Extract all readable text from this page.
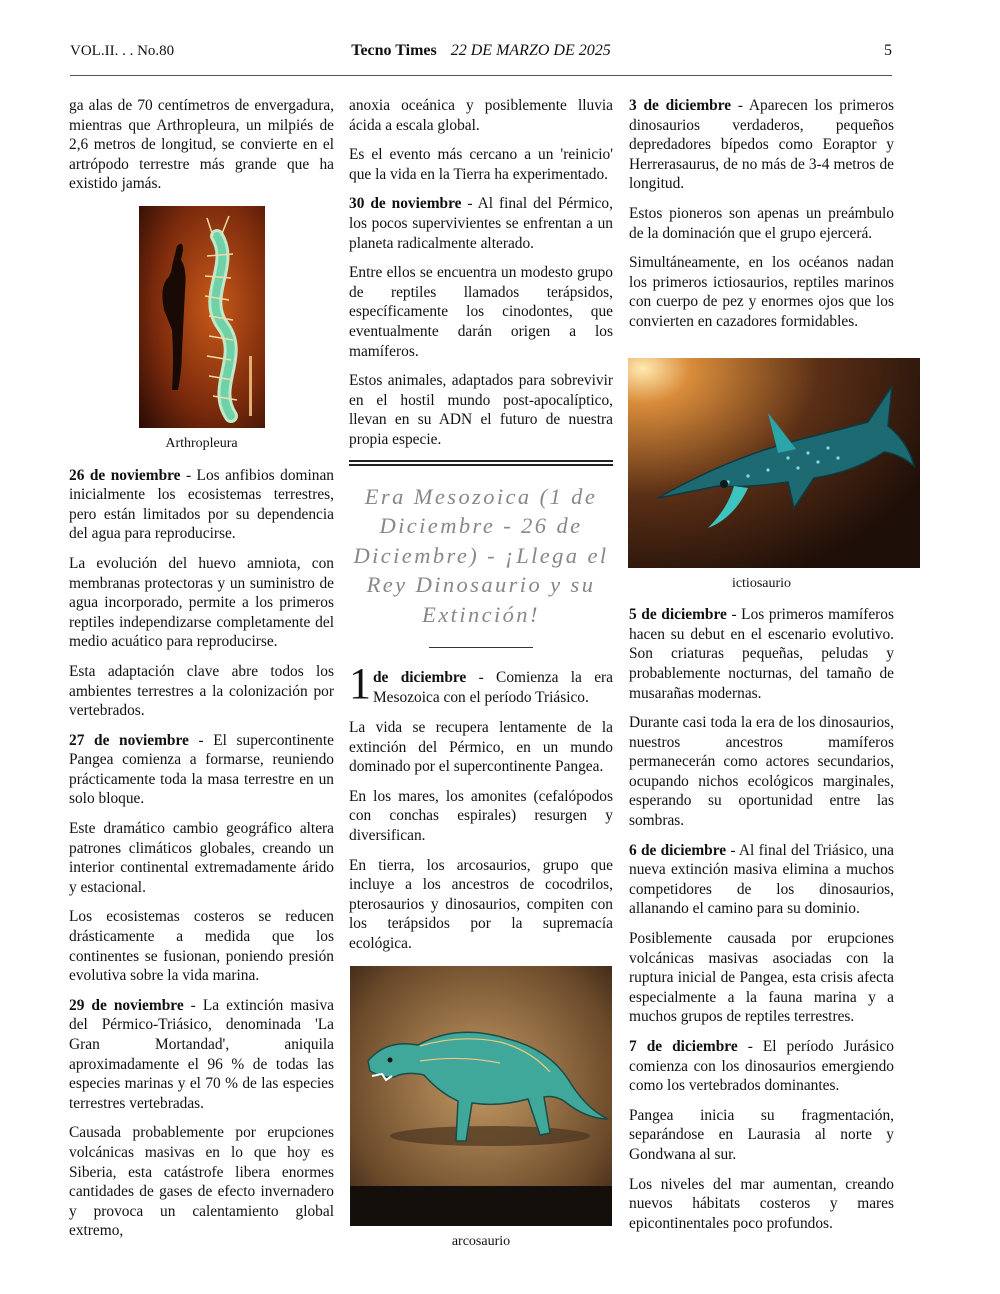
VOL.II. . . No.80	Tecno Times 22 DE MARZO DE 2025	5

ga alas de 70 centímetros de envergadura, mientras que Arthropleura, un milpiés de 2,6 metros de longitud, se convierte en el artrópodo terrestre más grande que ha existido jamás.

Arthropleura

26 de noviembre - Los anfibios dominan inicialmente los ecosistemas terrestres, pero están limitados por su dependencia del agua para reproducirse.

La evolución del huevo amniota, con membranas protectoras y un suministro de agua incorporado, permite a los primeros reptiles independizarse completamente del medio acuático para reproducirse.

Esta adaptación clave abre todos los ambientes terrestres a la colonización por vertebrados.

27 de noviembre - El supercontinente Pangea comienza a formarse, reuniendo prácticamente toda la masa terrestre en un solo bloque.

Este dramático cambio geográfico altera patrones climáticos globales, creando un interior continental extremadamente árido y estacional.

Los ecosistemas costeros se reducen drásticamente a medida que los continentes se fusionan, poniendo presión evolutiva sobre la vida marina.

29 de noviembre - La extinción masiva del Pérmico-Triásico, denominada 'La Gran Mortandad', aniquila aproximadamente el 96 % de todas las especies marinas y el 70 % de las especies terrestres vertebradas.

Causada probablemente por erupciones volcánicas masivas en lo que hoy es Siberia, esta catástrofe libera enormes cantidades de gases de efecto invernadero y provoca un calentamiento global extremo,

anoxia oceánica y posiblemente lluvia ácida a escala global.

Es el evento más cercano a un 'reinicio' que la vida en la Tierra ha experimentado.

30 de noviembre - Al final del Pérmico, los pocos supervivientes se enfrentan a un planeta radicalmente alterado.

Entre ellos se encuentra un modesto grupo de reptiles llamados terápsidos, específicamente los cinodontes, que eventualmente darán origen a los mamíferos.

Estos animales, adaptados para sobrevivir en el hostil mundo post-apocalíptico, llevan en su ADN el futuro de nuestra propia especie.

Era Mesozoica (1 de Diciembre - 26 de Diciembre) - ¡Llega el Rey Dinosaurio y su Extinción!

1 de diciembre - Comienza la era Mesozoica con el período Triásico.

La vida se recupera lentamente de la extinción del Pérmico, en un mundo dominado por el supercontinente Pangea.

En los mares, los amonites (cefalópodos con conchas espirales) resurgen y diversifican.

En tierra, los arcosaurios, grupo que incluye a los ancestros de cocodrilos, pterosaurios y dinosaurios, compiten con los terápsidos por la supremacía ecológica.

arcosaurio

3 de diciembre - Aparecen los primeros dinosaurios verdaderos, pequeños depredadores bípedos como Eoraptor y Herrerasaurus, de no más de 3-4 metros de longitud.

Estos pioneros son apenas un preámbulo de la dominación que el grupo ejercerá.

Simultáneamente, en los océanos nadan los primeros ictiosaurios, reptiles marinos con cuerpo de pez y enormes ojos que los convierten en cazadores formidables.

ictiosaurio

5 de diciembre - Los primeros mamíferos hacen su debut en el escenario evolutivo. Son criaturas pequeñas, peludas y probablemente nocturnas, del tamaño de musarañas modernas.

Durante casi toda la era de los dinosaurios, nuestros ancestros mamíferos permanecerán como actores secundarios, ocupando nichos ecológicos marginales, esperando su oportunidad entre las sombras.

6 de diciembre - Al final del Triásico, una nueva extinción masiva elimina a muchos competidores de los dinosaurios, allanando el camino para su dominio.

Posiblemente causada por erupciones volcánicas masivas asociadas con la ruptura inicial de Pangea, esta crisis afecta especialmente a la fauna marina y a muchos grupos de reptiles terrestres.

7 de diciembre - El período Jurásico comienza con los dinosaurios emergiendo como los vertebrados dominantes.

Pangea inicia su fragmentación, separándose en Laurasia al norte y Gondwana al sur.

Los niveles del mar aumentan, creando nuevos hábitats costeros y mares epicontinentales poco profundos.
